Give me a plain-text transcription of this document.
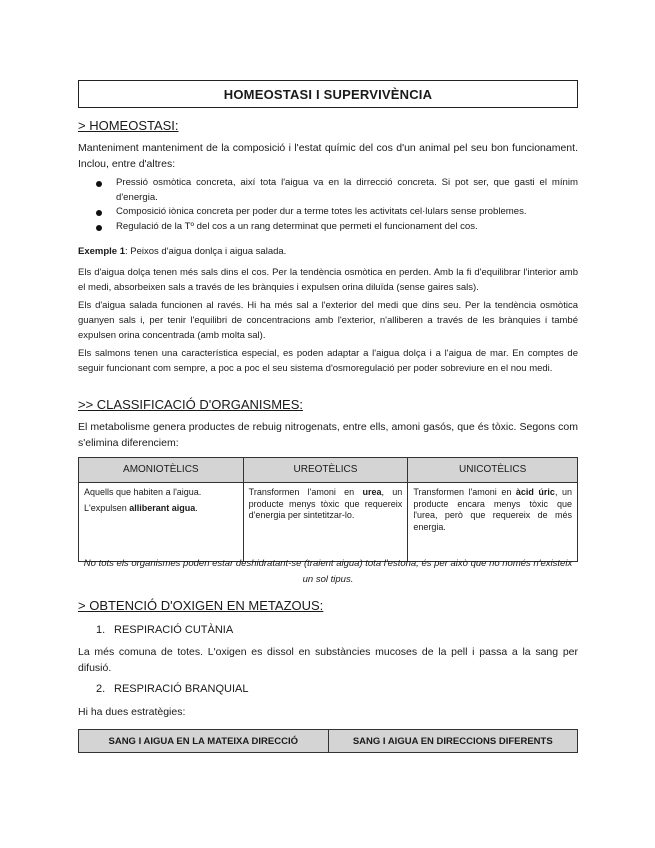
HOMEOSTASI I SUPERVIVÈNCIA
> HOMEOSTASI:
Manteniment manteniment de la composició i l'estat químic del cos d'un animal pel seu bon funcionament. Inclou, entre d'altres:
Pressió osmòtica concreta, així tota l'aigua va en la dirrecció concreta. Si pot ser, que gasti el mínim d'energia.
Composició iònica concreta per poder dur a terme totes les activitats cel·lulars sense problemes.
Regulació de la Tº del cos a un rang determinat que permeti el funcionament del cos.
Exemple 1: Peixos d'aigua donlça i aigua salada.
Els d'aigua dolça tenen més sals dins el cos. Per la tendència osmòtica en perden. Amb la fi d'equilibrar l'interior amb el medi, absorbeixen sals a través de les brànquies i expulsen orina diluïda (sense gaires sals).
Els d'aigua salada funcionen al ravés. Hi ha més sal a l'exterior del medi que dins seu. Per la tendència osmòtica guanyen sals i, per tenir l'equilibri de concentracions amb l'exterior, n'alliberen a través de les brànquies i també expulsen orina concentrada (amb molta sal).
Els salmons tenen una característica especial, es poden adaptar a l'aigua dolça i a l'aigua de mar. En comptes de seguir funcionant com sempre, a poc a poc el seu sistema d'osmoregulació per poder sobreviure en el nou medi.
>> CLASSIFICACIÓ D'ORGANISMES:
El metabolisme genera productes de rebuig nitrogenats, entre ells, amoni gasós, que és tòxic. Segons com s'elimina diferenciem:
AMONIOTÈLICS	UREOTÈLICS	UNICOTÈLICS

Aquells que habiten a l'aigua.
L'expulsen alliberant aigua.	Transformen l'amoni en urea, un producte menys tòxic que requereix d'energia per sintetitzar-lo.	Transformen l'amoni en àcid úric, un producte encara menys tòxic que l'urea, però que requereix de més energia.
No tots els organismes poden estar deshidratant-se (traient aigua) tota l'estona, és per això que no només n'existeix un sol tipus.
> OBTENCIÓ D'OXIGEN EN METAZOUS:
1. RESPIRACIÓ CUTÀNIA
La més comuna de totes. L'oxigen es dissol en substàncies mucoses de la pell i passa a la sang per difusió.
2. RESPIRACIÓ BRANQUIAL
Hi ha dues estratègies:
SANG I AIGUA EN LA MATEIXA DIRECCIÓ	SANG I AIGUA EN DIRECCIONS DIFERENTS
